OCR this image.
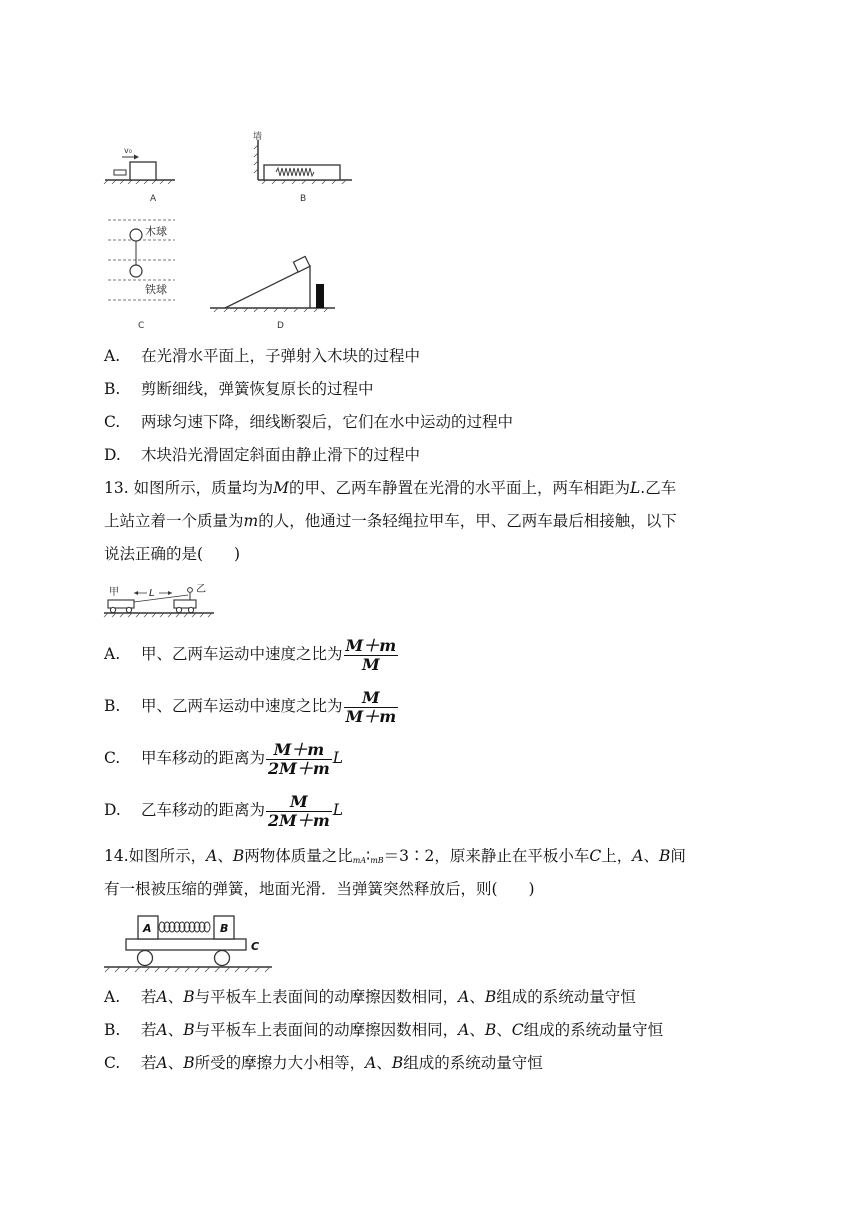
v₀
A
墙
B
木球
铁球
C	D
A. 在光滑水平面上，子弹射入木块的过程中
B. 剪断细线，弹簧恢复原长的过程中
C. 两球匀速下降，细线断裂后，它们在水中运动的过程中
D. 木块沿光滑固定斜面由静止滑下的过程中
13. 如图所示，质量均为M的甲、乙两车静置在光滑的水平面上，两车相距为L.乙车
上站立着一个质量为m的人，他通过一条轻绳拉甲车，甲、乙两车最后相接触，以下
说法正确的是(　　)
甲	L	乙
A. 甲、乙两车运动中速度之比为 $\frac{M+m}{M}$
B. 甲、乙两车运动中速度之比为 $\frac{M}{M+m}$
C. 甲车移动的距离为 $\frac{M+m}{2M+m}$ L
D. 乙车移动的距离为 $\frac{M}{2M+m}$ L
14.如图所示，A、B两物体质量之比$_{mA}∶_{mB}=3∶2$，原来静止在平板小车C上，A、B间
有一根被压缩的弹簧，地面光滑．当弹簧突然释放后，则(　　)
A	B
C
A. 若A、B与平板车上表面间的动摩擦因数相同，A、B组成的系统动量守恒
B. 若A、B与平板车上表面间的动摩擦因数相同，A、B、C组成的系统动量守恒
C. 若A、B所受的摩擦力大小相等，A、B组成的系统动量守恒
